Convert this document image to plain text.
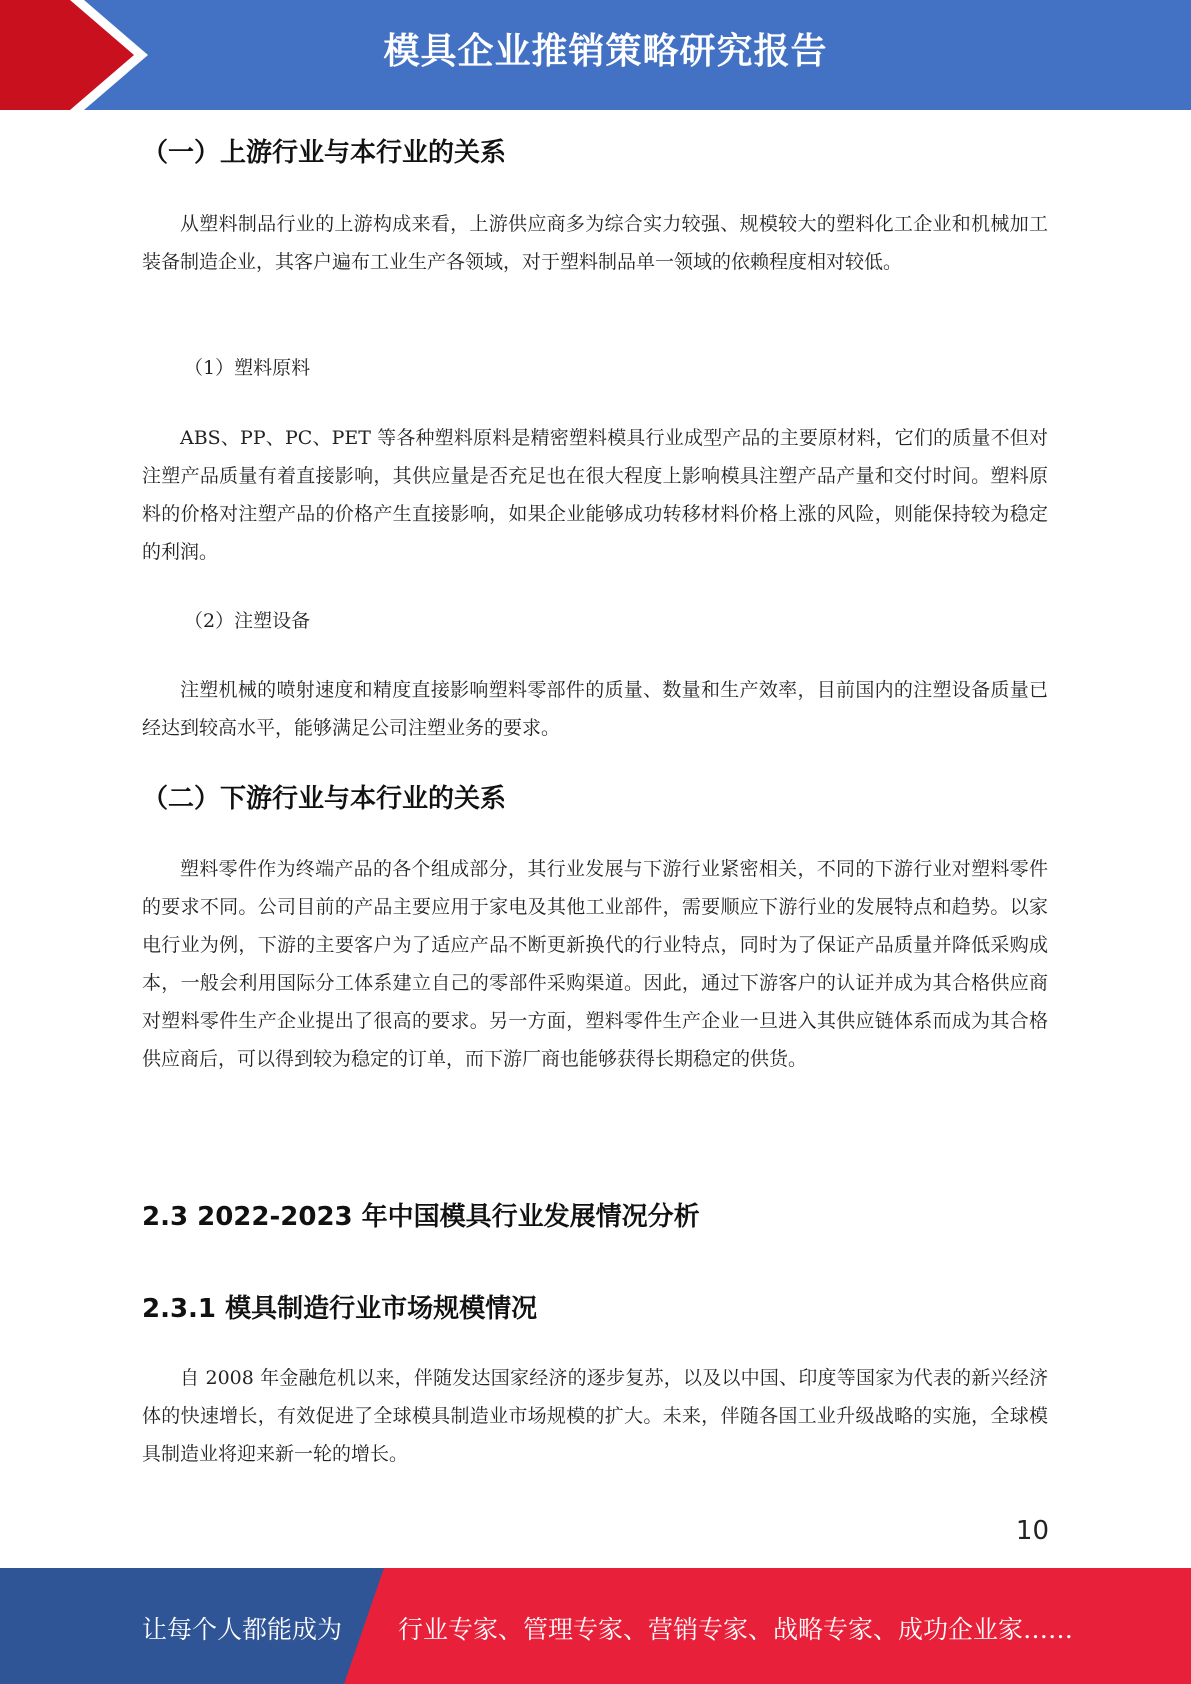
模具企业推销策略研究报告
（一）上游行业与本行业的关系

从塑料制品行业的上游构成来看，上游供应商多为综合实力较强、规模较大的塑料化工企业和机械加工装备制造企业，其客户遍布工业生产各领域，对于塑料制品单一领域的依赖程度相对较低。

（1）塑料原料

ABS、PP、PC、PET 等各种塑料原料是精密塑料模具行业成型产品的主要原材料，它们的质量不但对注塑产品质量有着直接影响，其供应量是否充足也在很大程度上影响模具注塑产品产量和交付时间。塑料原料的价格对注塑产品的价格产生直接影响，如果企业能够成功转移材料价格上涨的风险，则能保持较为稳定的利润。

（2）注塑设备

注塑机械的喷射速度和精度直接影响塑料零部件的质量、数量和生产效率，目前国内的注塑设备质量已经达到较高水平，能够满足公司注塑业务的要求。

（二）下游行业与本行业的关系

塑料零件作为终端产品的各个组成部分，其行业发展与下游行业紧密相关，不同的下游行业对塑料零件的要求不同。公司目前的产品主要应用于家电及其他工业部件，需要顺应下游行业的发展特点和趋势。以家电行业为例，下游的主要客户为了适应产品不断更新换代的行业特点，同时为了保证产品质量并降低采购成本，一般会利用国际分工体系建立自己的零部件采购渠道。因此，通过下游客户的认证并成为其合格供应商对塑料零件生产企业提出了很高的要求。另一方面，塑料零件生产企业一旦进入其供应链体系而成为其合格供应商后，可以得到较为稳定的订单，而下游厂商也能够获得长期稳定的供货。

2.3 2022-2023 年中国模具行业发展情况分析
2.3.1 模具制造行业市场规模情况

自 2008 年金融危机以来，伴随发达国家经济的逐步复苏，以及以中国、印度等国家为代表的新兴经济体的快速增长，有效促进了全球模具制造业市场规模的扩大。未来，伴随各国工业升级战略的实施，全球模具制造业将迎来新一轮的增长。

10
让每个人都能成为 行业专家、管理专家、营销专家、战略专家、成功企业家……
